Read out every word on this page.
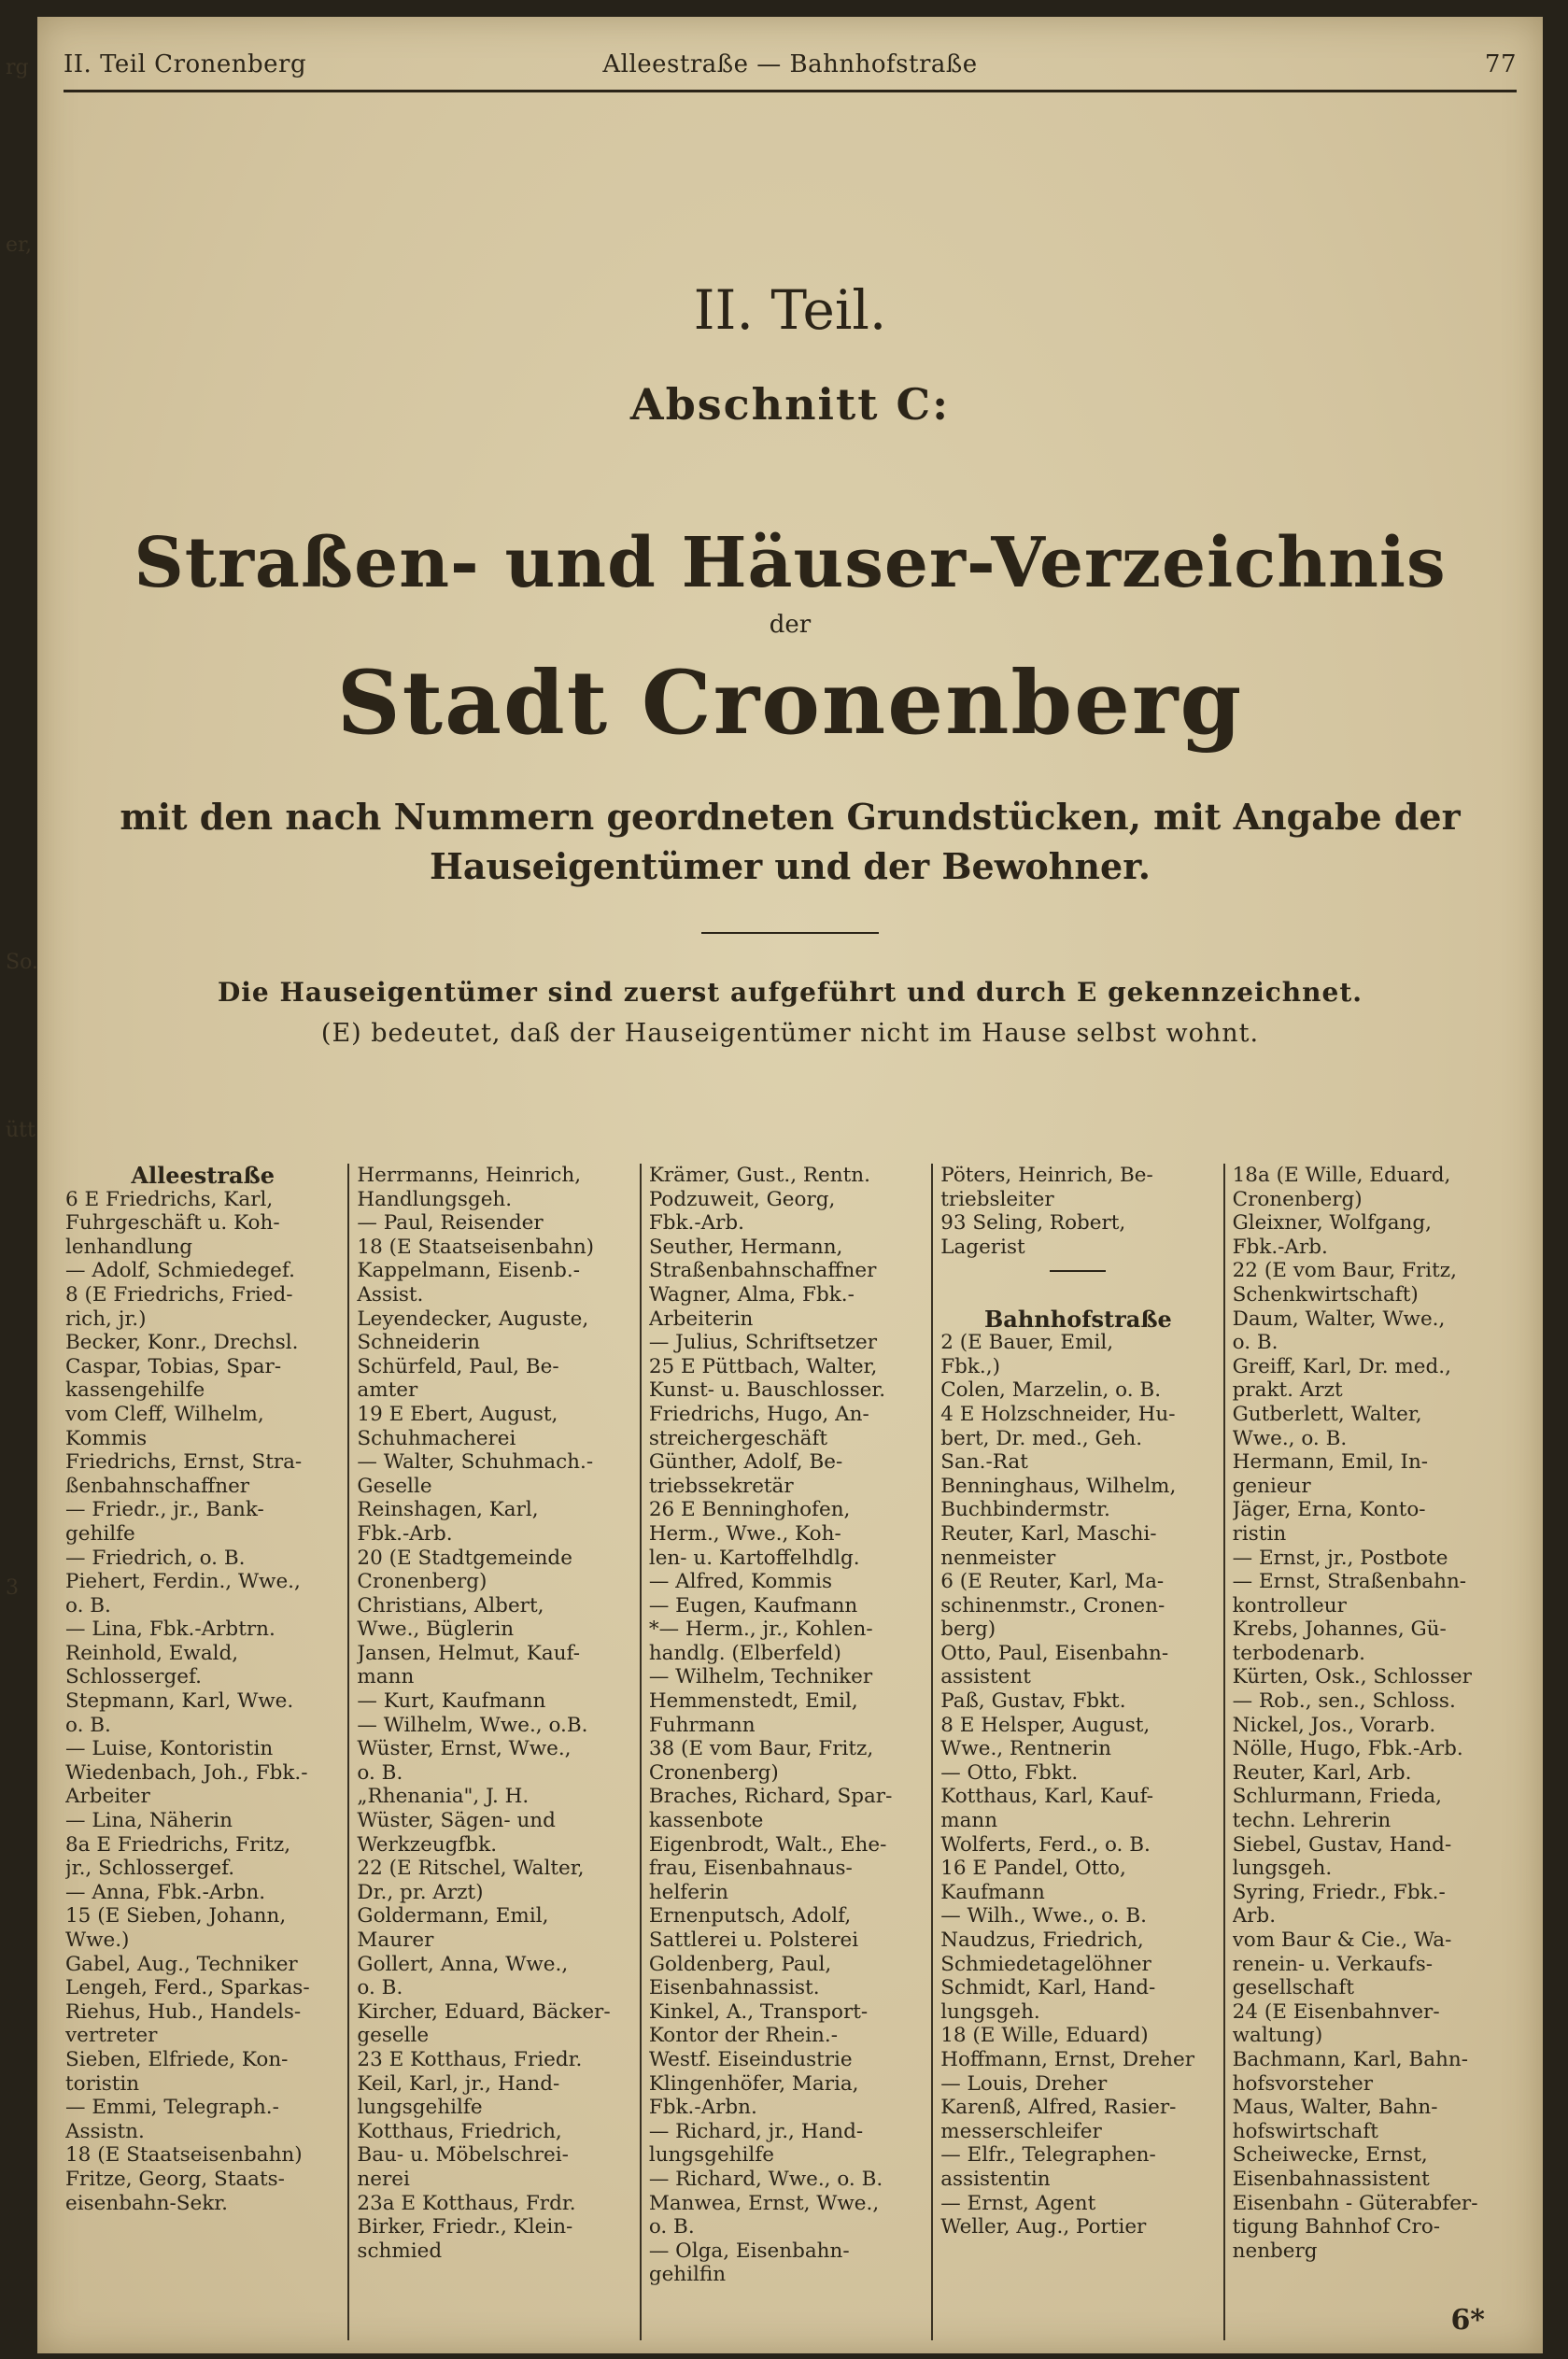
rg
er,
So.
ütt
3
II. Teil Cronenberg	Alleestraße — Bahnhofstraße	77
II. Teil.
Abschnitt C:
Straßen- und Häuser-Verzeichnis
der
Stadt Cronenberg
mit den nach Nummern geordneten Grundstücken, mit Angabe der
Hauseigentümer und der Bewohner.
Die Hauseigentümer sind zuerst aufgeführt und durch E gekennzeichnet.
(E) bedeutet, daß der Hauseigentümer nicht im Hause selbst wohnt.
Alleestraße
6 E Friedrichs, Karl,
Fuhrgeschäft u. Koh-
lenhandlung
— Adolf, Schmiedegef.
8 (E Friedrichs, Fried-
rich, jr.)
Becker, Konr., Drechsl.
Caspar, Tobias, Spar-
kassengehilfe
vom Cleff, Wilhelm,
Kommis
Friedrichs, Ernst, Stra-
ßenbahnschaffner
— Friedr., jr., Bank-
gehilfe
— Friedrich, o. B.
Piehert, Ferdin., Wwe.,
o. B.
— Lina, Fbk.-Arbtrn.
Reinhold, Ewald,
Schlossergef.
Stepmann, Karl, Wwe.
o. B.
— Luise, Kontoristin
Wiedenbach, Joh., Fbk.-
Arbeiter
— Lina, Näherin
8a E Friedrichs, Fritz,
jr., Schlossergef.
— Anna, Fbk.-Arbn.
15 (E Sieben, Johann,
Wwe.)
Gabel, Aug., Techniker
Lengeh, Ferd., Sparkas-
Riehus, Hub., Handels-
vertreter
Sieben, Elfriede, Kon-
toristin
— Emmi, Telegraph.-
Assistn.
18 (E Staatseisenbahn)
Fritze, Georg, Staats-
eisenbahn-Sekr.
Herrmanns, Heinrich,
Handlungsgeh.
— Paul, Reisender
18 (E Staatseisenbahn)
Kappelmann, Eisenb.-
Assist.
Leyendecker, Auguste,
Schneiderin
Schürfeld, Paul, Be-
amter
19 E Ebert, August,
Schuhmacherei
— Walter, Schuhmach.-
Geselle
Reinshagen, Karl,
Fbk.-Arb.
20 (E Stadtgemeinde
Cronenberg)
Christians, Albert,
Wwe., Büglerin
Jansen, Helmut, Kauf-
mann
— Kurt, Kaufmann
— Wilhelm, Wwe., o.B.
Wüster, Ernst, Wwe.,
o. B.
„Rhenania", J. H.
Wüster, Sägen- und
Werkzeugfbk.
22 (E Ritschel, Walter,
Dr., pr. Arzt)
Goldermann, Emil,
Maurer
Gollert, Anna, Wwe.,
o. B.
Kircher, Eduard, Bäcker-
geselle
23 E Kotthaus, Friedr.
Keil, Karl, jr., Hand-
lungsgehilfe
Kotthaus, Friedrich,
Bau- u. Möbelschrei-
nerei
23a E Kotthaus, Frdr.
Birker, Friedr., Klein-
schmied
Krämer, Gust., Rentn.
Podzuweit, Georg,
Fbk.-Arb.
Seuther, Hermann,
Straßenbahnschaffner
Wagner, Alma, Fbk.-
Arbeiterin
— Julius, Schriftsetzer
25 E Püttbach, Walter,
Kunst- u. Bauschlosser.
Friedrichs, Hugo, An-
streichergeschäft
Günther, Adolf, Be-
triebssekretär
26 E Benninghofen,
Herm., Wwe., Koh-
len- u. Kartoffelhdlg.
— Alfred, Kommis
— Eugen, Kaufmann
*— Herm., jr., Kohlen-
handlg. (Elberfeld)
— Wilhelm, Techniker
Hemmenstedt, Emil,
Fuhrmann
38 (E vom Baur, Fritz,
Cronenberg)
Braches, Richard, Spar-
kassenbote
Eigenbrodt, Walt., Ehe-
frau, Eisenbahnaus-
helferin
Ernenputsch, Adolf,
Sattlerei u. Polsterei
Goldenberg, Paul,
Eisenbahnassist.
Kinkel, A., Transport-
Kontor der Rhein.-
Westf. Eiseindustrie
Klingenhöfer, Maria,
Fbk.-Arbn.
— Richard, jr., Hand-
lungsgehilfe
— Richard, Wwe., o. B.
Manwea, Ernst, Wwe.,
o. B.
— Olga, Eisenbahn-
gehilfin
Pöters, Heinrich, Be-
triebsleiter
93 Seling, Robert,
Lagerist

Bahnhofstraße
2 (E Bauer, Emil,
Fbk.,)
Colen, Marzelin, o. B.
4 E Holzschneider, Hu-
bert, Dr. med., Geh.
San.-Rat
Benninghaus, Wilhelm,
Buchbindermstr.
Reuter, Karl, Maschi-
nenmeister
6 (E Reuter, Karl, Ma-
schinenmstr., Cronen-
berg)
Otto, Paul, Eisenbahn-
assistent
Paß, Gustav, Fbkt.
8 E Helsper, August,
Wwe., Rentnerin
— Otto, Fbkt.
Kotthaus, Karl, Kauf-
mann
Wolferts, Ferd., o. B.
16 E Pandel, Otto,
Kaufmann
— Wilh., Wwe., o. B.
Naudzus, Friedrich,
Schmiedetagelöhner
Schmidt, Karl, Hand-
lungsgeh.
18 (E Wille, Eduard)
Hoffmann, Ernst, Dreher
— Louis, Dreher
Karenß, Alfred, Rasier-
messerschleifer
— Elfr., Telegraphen-
assistentin
— Ernst, Agent
Weller, Aug., Portier
18a (E Wille, Eduard,
Cronenberg)
Gleixner, Wolfgang,
Fbk.-Arb.
22 (E vom Baur, Fritz,
Schenkwirtschaft)
Daum, Walter, Wwe.,
o. B.
Greiff, Karl, Dr. med.,
prakt. Arzt
Gutberlett, Walter,
Wwe., o. B.
Hermann, Emil, In-
genieur
Jäger, Erna, Konto-
ristin
— Ernst, jr., Postbote
— Ernst, Straßenbahn-
kontrolleur
Krebs, Johannes, Gü-
terbodenarb.
Kürten, Osk., Schlosser
— Rob., sen., Schloss.
Nickel, Jos., Vorarb.
Nölle, Hugo, Fbk.-Arb.
Reuter, Karl, Arb.
Schlurmann, Frieda,
techn. Lehrerin
Siebel, Gustav, Hand-
lungsgeh.
Syring, Friedr., Fbk.-
Arb.
vom Baur & Cie., Wa-
renein- u. Verkaufs-
gesellschaft
24 (E Eisenbahnver-
waltung)
Bachmann, Karl, Bahn-
hofsvorsteher
Maus, Walter, Bahn-
hofswirtschaft
Scheiwecke, Ernst,
Eisenbahnassistent
Eisenbahn - Güterabfer-
tigung Bahnhof Cro-
nenberg
6*
